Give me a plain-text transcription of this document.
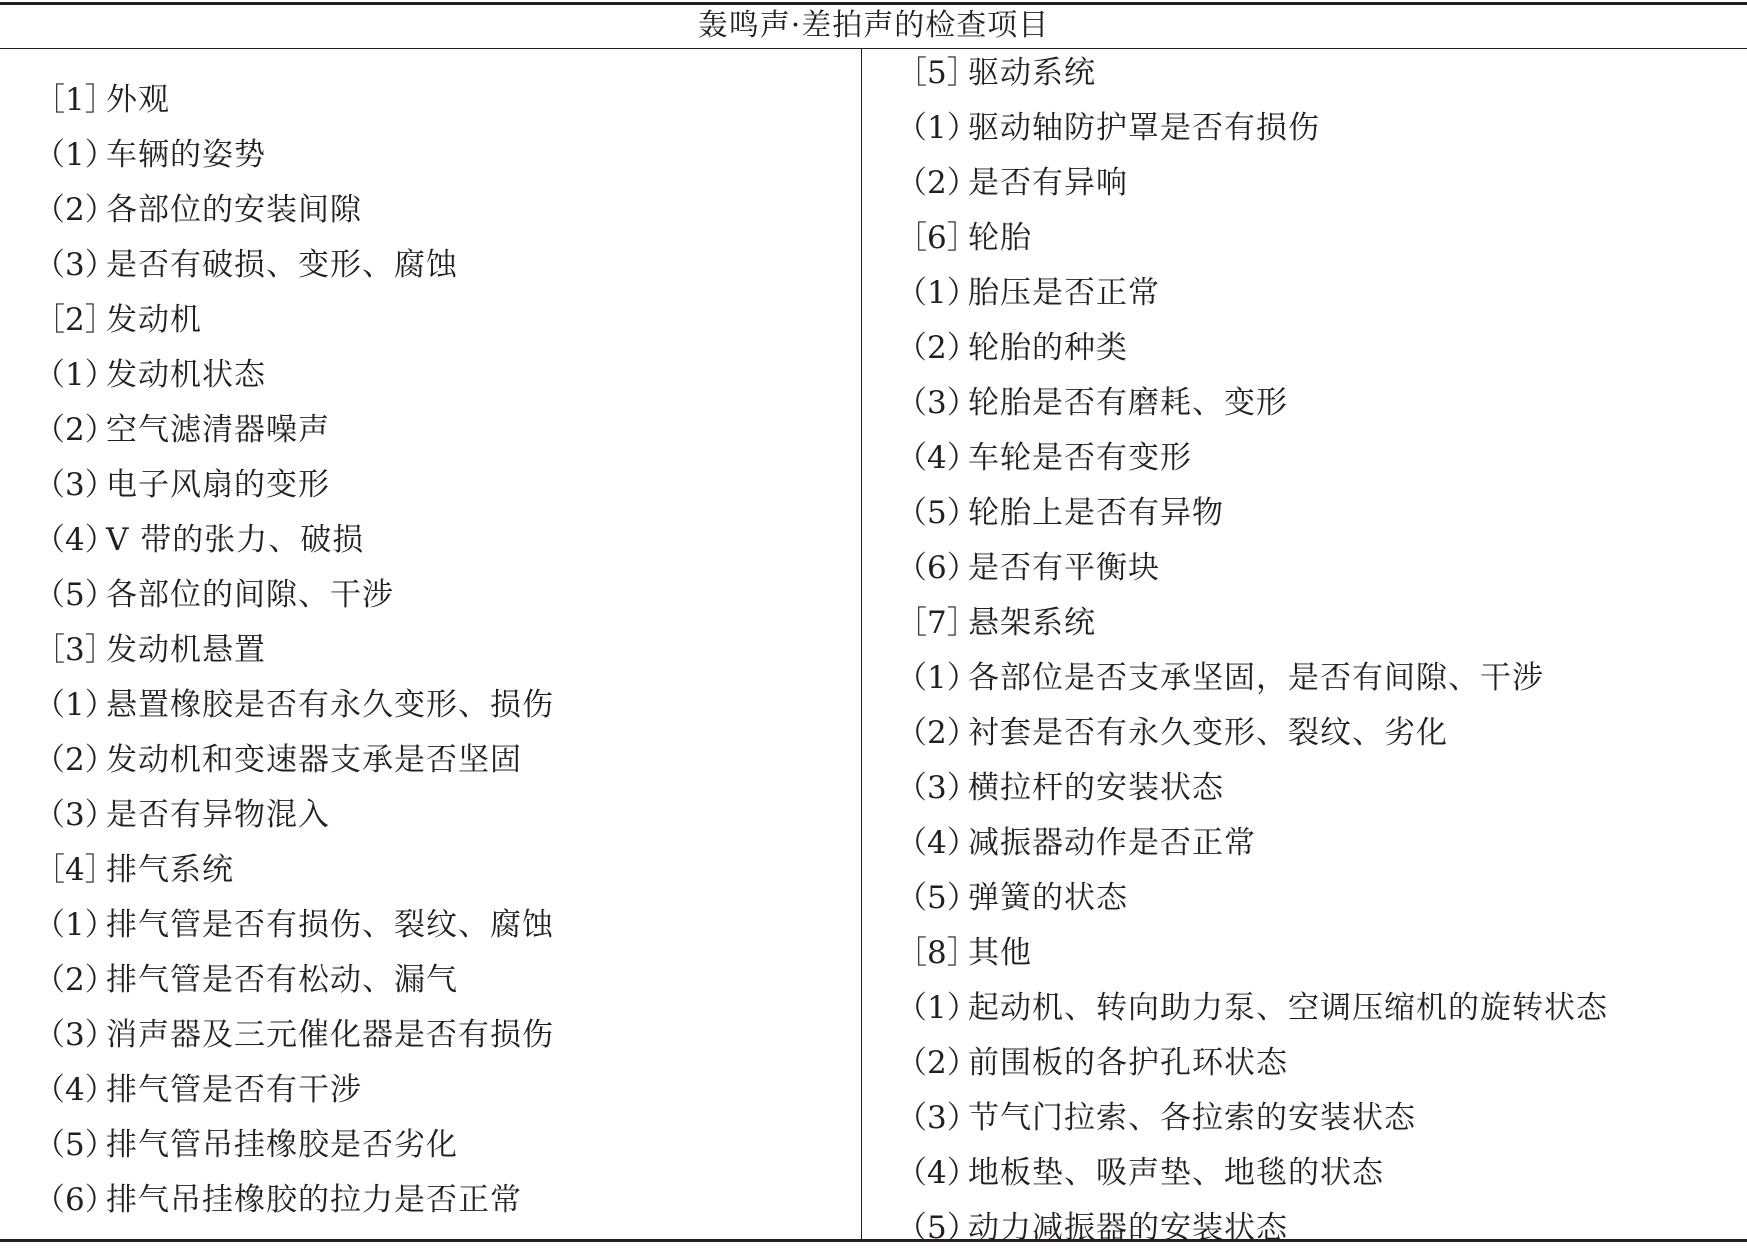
轰鸣声·差拍声的检查项目
［1］
外观
（1）
车辆的姿势
（2）
各部位的安装间隙
（3）
是否有破损、变形、腐蚀
［2］
发动机
（1）
发动机状态
（2）
空气滤清器噪声
（3）
电子风扇的变形
（4）
V 带的张力、破损
（5）
各部位的间隙、干涉
［3］
发动机悬置
（1）
悬置橡胶是否有永久变形、损伤
（2）
发动机和变速器支承是否坚固
（3）
是否有异物混入
［4］
排气系统
（1）
排气管是否有损伤、裂纹、腐蚀
（2）
排气管是否有松动、漏气
（3）
消声器及三元催化器是否有损伤
（4）
排气管是否有干涉
（5）
排气管吊挂橡胶是否劣化
（6）
排气吊挂橡胶的拉力是否正常
［5］
驱动系统
（1）
驱动轴防护罩是否有损伤
（2）
是否有异响
［6］
轮胎
（1）
胎压是否正常
（2）
轮胎的种类
（3）
轮胎是否有磨耗、变形
（4）
车轮是否有变形
（5）
轮胎上是否有异物
（6）
是否有平衡块
［7］
悬架系统
（1）
各部位是否支承坚固，是否有间隙、干涉
（2）
衬套是否有永久变形、裂纹、劣化
（3）
横拉杆的安装状态
（4）
减振器动作是否正常
（5）
弹簧的状态
［8］
其他
（1）
起动机、转向助力泵、空调压缩机的旋转状态
（2）
前围板的各护孔环状态
（3）
节气门拉索、各拉索的安装状态
（4）
地板垫、吸声垫、地毯的状态
（5）
动力减振器的安装状态
